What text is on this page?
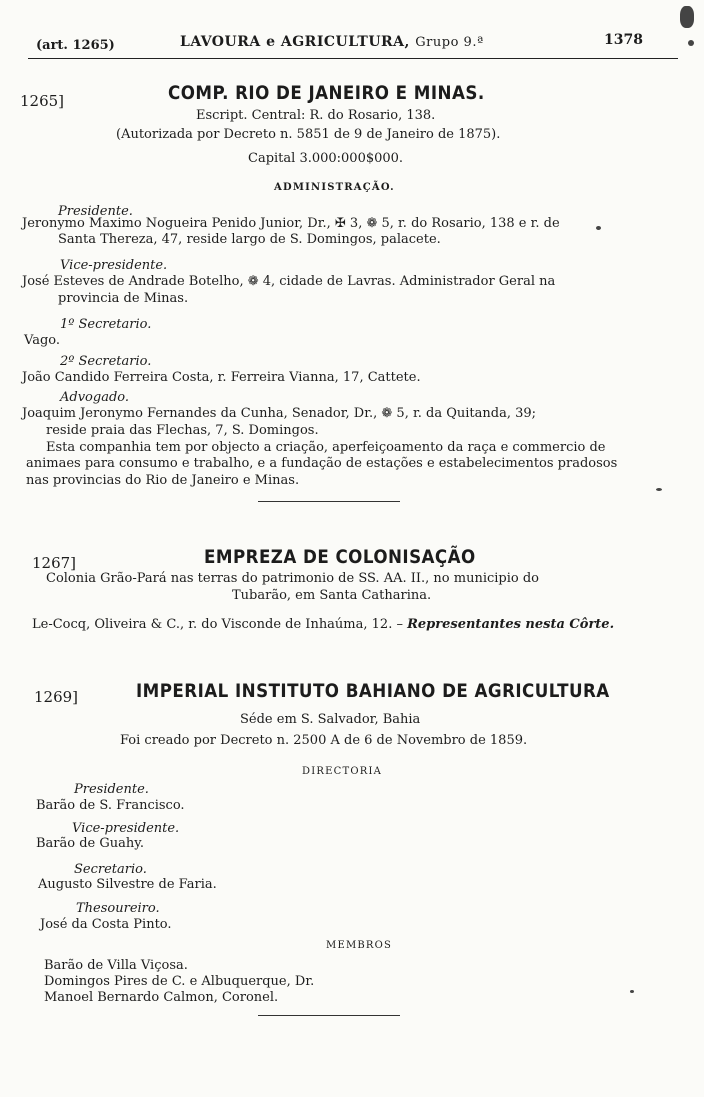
(art. 1265)	LAVOURA e AGRICULTURA, Grupo 9.ª	1378
1265]	COMP. RIO DE JANEIRO E MINAS.
Escript. Central: R. do Rosario, 138.
(Autorizada por Decreto n. 5851 de 9 de Janeiro de 1875).
Capital 3.000:000$000.
ADMINISTRAÇÃO.
Presidente.
Jeronymo Maximo Nogueira Penido Junior, Dr., ✠ 3, ❁ 5, r. do Rosario, 138 e r. de
Santa Thereza, 47, reside largo de S. Domingos, palacete.
Vice-presidente.
José Esteves de Andrade Botelho, ❁ 4, cidade de Lavras. Administrador Geral na
provincia de Minas.
1º Secretario.
Vago.
2º Secretario.
João Candido Ferreira Costa, r. Ferreira Vianna, 17, Cattete.
Advogado.
Joaquim Jeronymo Fernandes da Cunha, Senador, Dr., ❁ 5, r. da Quitanda, 39;
reside praia das Flechas, 7, S. Domingos.
Esta companhia tem por objecto a criação, aperfeiçoamento da raça e commercio de
animaes para consumo e trabalho, e a fundação de estações e estabelecimentos pradosos
nas provincias do Rio de Janeiro e Minas.
1267]	EMPREZA DE COLONISAÇÃO
Colonia Grão-Pará nas terras do patrimonio de SS. AA. II., no municipio do
Tubarão, em Santa Catharina.
Le-Cocq, Oliveira & C., r. do Visconde de Inhaúma, 12. – Representantes nesta Côrte.
1269]	IMPERIAL INSTITUTO BAHIANO DE AGRICULTURA
Séde em S. Salvador, Bahia
Foi creado por Decreto n. 2500 A de 6 de Novembro de 1859.
DIRECTORIA
Presidente.
Barão de S. Francisco.
Vice-presidente.
Barão de Guahy.
Secretario.
Augusto Silvestre de Faria.
Thesoureiro.
José da Costa Pinto.
MEMBROS
Barão de Villa Viçosa.
Domingos Pires de C. e Albuquerque, Dr.
Manoel Bernardo Calmon, Coronel.
